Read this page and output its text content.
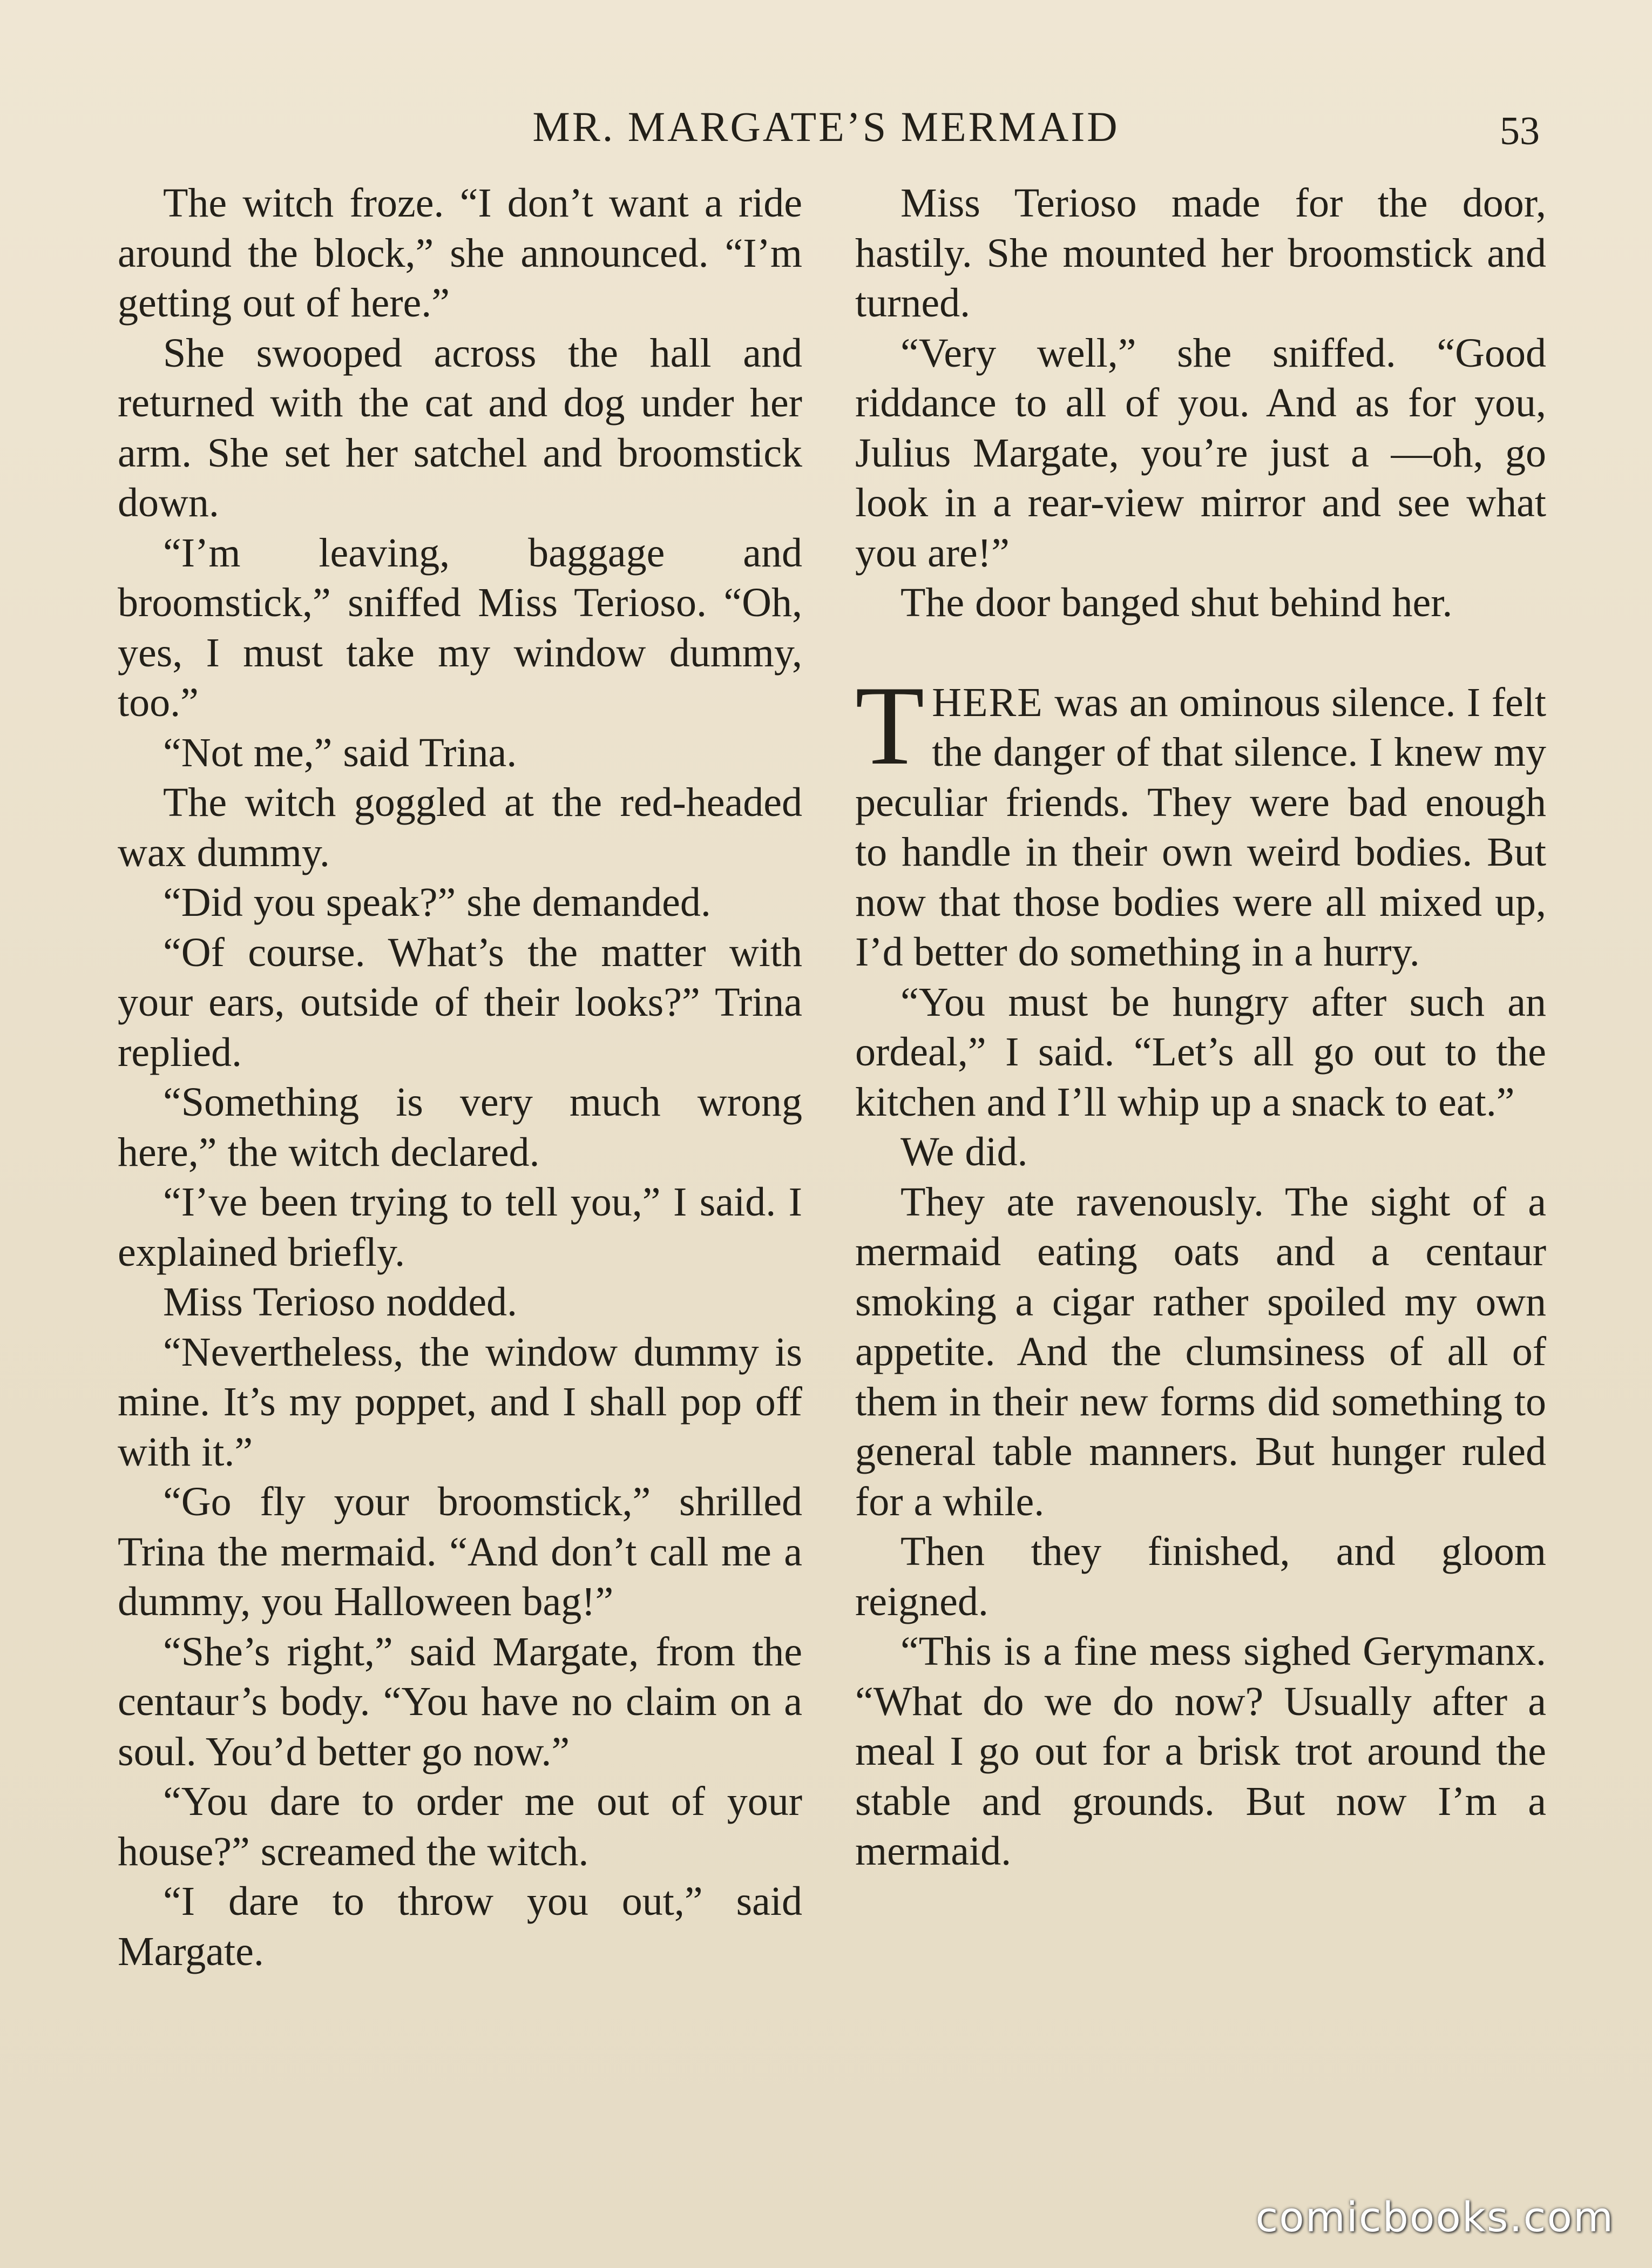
MR. MARGATE’S MERMAID	53

The witch froze. “I don’t want a ride around the block,” she announced. “I’m getting out of here.”

She swooped across the hall and returned with the cat and dog under her arm. She set her satchel and broomstick down.

“I’m leaving, baggage and broomstick,” sniffed Miss Terioso. “Oh, yes, I must take my window dummy, too.”

“Not me,” said Trina.

The witch goggled at the red-headed wax dummy.

“Did you speak?” she demanded.

“Of course. What’s the matter with your ears, outside of their looks?” Trina replied.

“Something is very much wrong here,” the witch declared.

“I’ve been trying to tell you,” I said. I explained briefly.

Miss Terioso nodded.

“Nevertheless, the window dummy is mine. It’s my poppet, and I shall pop off with it.”

“Go fly your broomstick,” shrilled Trina the mermaid. “And don’t call me a dummy, you Halloween bag!”

“She’s right,” said Margate, from the centaur’s body. “You have no claim on a soul. You’d better go now.”

“You dare to order me out of your house?” screamed the witch.

“I dare to throw you out,” said Margate.

Miss Terioso made for the door, hastily. She mounted her broomstick and turned.

“Very well,” she sniffed. “Good riddance to all of you. And as for you, Julius Margate, you’re just a —oh, go look in a rear-view mirror and see what you are!”

The door banged shut behind her.

THERE was an ominous silence. I felt the danger of that silence. I knew my peculiar friends. They were bad enough to handle in their own weird bodies. But now that those bodies were all mixed up, I’d better do something in a hurry.

“You must be hungry after such an ordeal,” I said. “Let’s all go out to the kitchen and I’ll whip up a snack to eat.”

We did.

They ate ravenously. The sight of a mermaid eating oats and a centaur smoking a cigar rather spoiled my own appetite. And the clumsiness of all of them in their new forms did something to general table manners. But hunger ruled for a while.

Then they finished, and gloom reigned.

“This is a fine mess sighed Gerymanx. “What do we do now? Usually after a meal I go out for a brisk trot around the stable and grounds. But now I’m a mermaid.

comicbooks.com
